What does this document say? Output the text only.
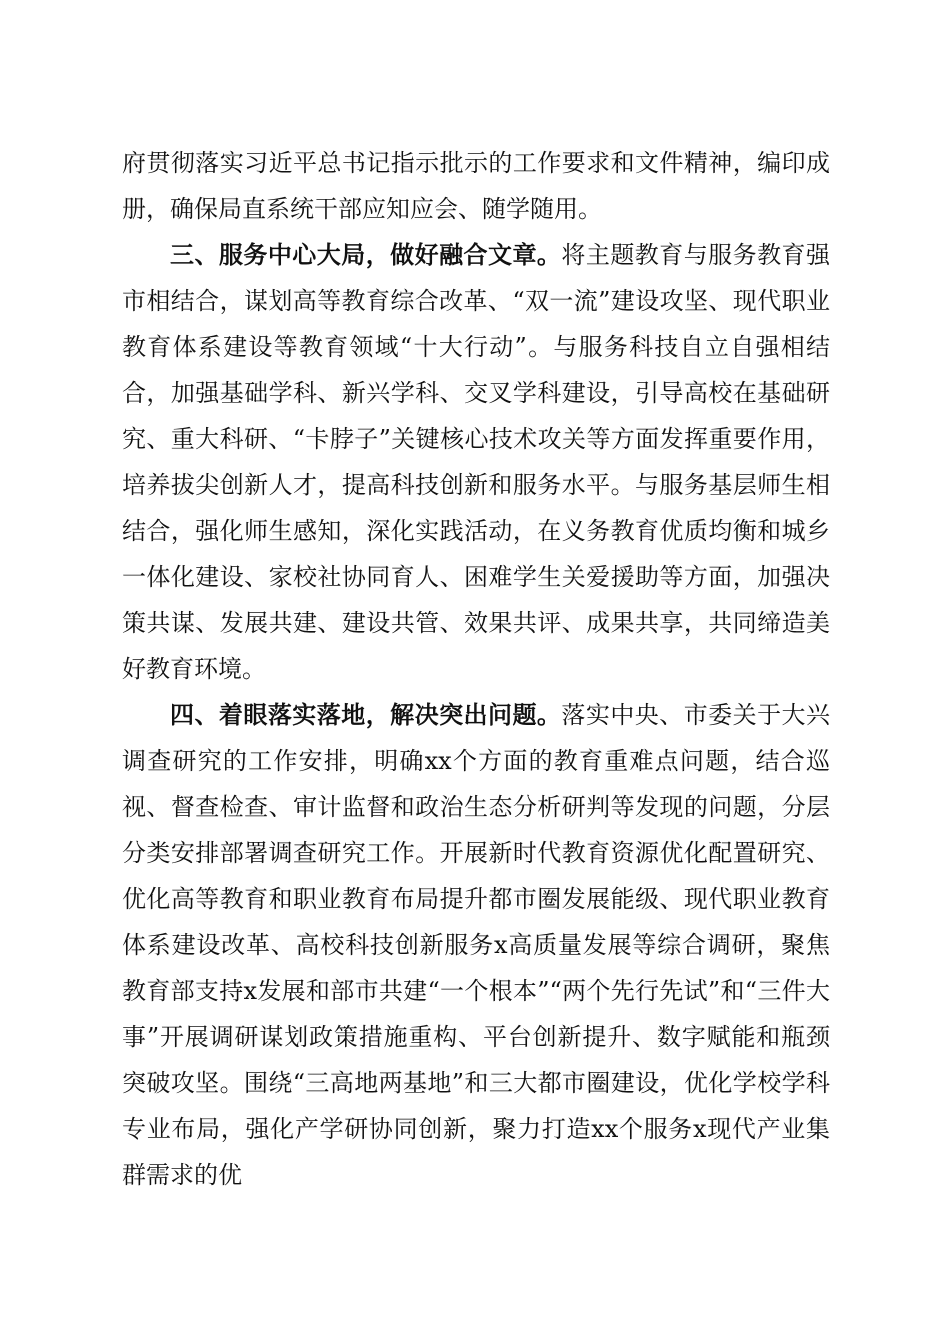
府贯彻落实习近平总书记指示批示的工作要求和文件精神，编印成册，确保局直系统干部应知应会、随学随用。

三、服务中心大局，做好融合文章。将主题教育与服务教育强市相结合，谋划高等教育综合改革、“双一流”建设攻坚、现代职业教育体系建设等教育领域“十大行动”。与服务科技自立自强相结合，加强基础学科、新兴学科、交叉学科建设，引导高校在基础研究、重大科研、“卡脖子”关键核心技术攻关等方面发挥重要作用，培养拔尖创新人才，提高科技创新和服务水平。与服务基层师生相结合，强化师生感知，深化实践活动，在义务教育优质均衡和城乡一体化建设、家校社协同育人、困难学生关爱援助等方面，加强决策共谋、发展共建、建设共管、效果共评、成果共享，共同缔造美好教育环境。

四、着眼落实落地，解决突出问题。落实中央、市委关于大兴调查研究的工作安排，明确xx个方面的教育重难点问题，结合巡视、督查检查、审计监督和政治生态分析研判等发现的问题，分层分类安排部署调查研究工作。开展新时代教育资源优化配置研究、优化高等教育和职业教育布局提升都市圈发展能级、现代职业教育体系建设改革、高校科技创新服务x高质量发展等综合调研，聚焦教育部支持x发展和部市共建“一个根本”“两个先行先试”和“三件大事”开展调研谋划政策措施重构、平台创新提升、数字赋能和瓶颈突破攻坚。围绕“三高地两基地”和三大都市圈建设，优化学校学科专业布局，强化产学研协同创新，聚力打造xx个服务x现代产业集群需求的优
